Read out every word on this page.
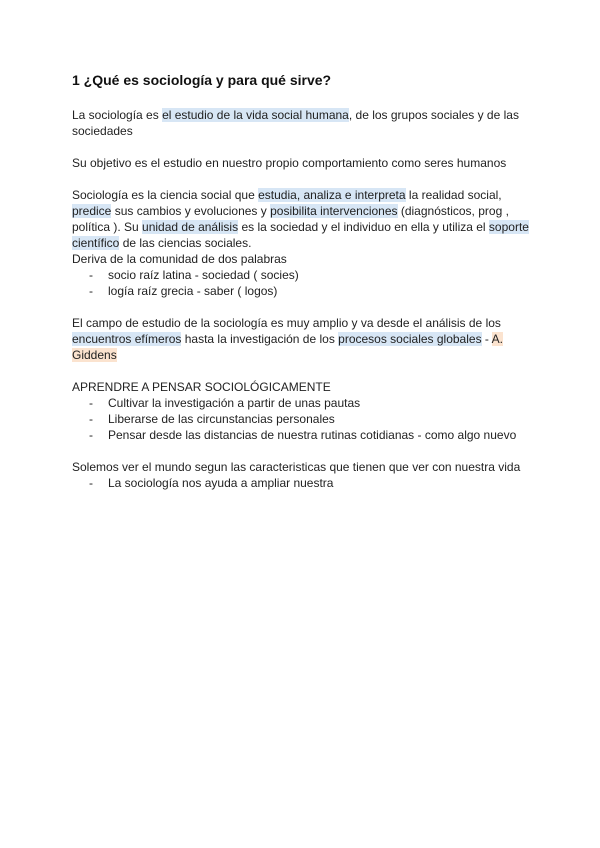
1 ¿Qué es sociología y para qué sirve?

La sociología es el estudio de la vida social humana, de los grupos sociales y de las sociedades

Su objetivo es el estudio en nuestro propio comportamiento como seres humanos

Sociología es la ciencia social que estudia, analiza e interpreta la realidad social, predice sus cambios y evoluciones y posibilita intervenciones (diagnósticos, prog , política ). Su unidad de análisis es la sociedad y el individuo en ella y utiliza el soporte científico de las ciencias sociales.

Deriva de la comunidad de dos palabras

- socio raíz latina - sociedad ( socies)
- logía raíz grecia - saber ( logos)

El campo de estudio de la sociología es muy amplio y va desde el análisis de los encuentros efímeros hasta la investigación de los procesos sociales globales - A. Giddens

APRENDRE A PENSAR SOCIOLÓGICAMENTE

- Cultivar la investigación a partir de unas pautas
- Liberarse de las circunstancias personales
- Pensar desde las distancias de nuestra rutinas cotidianas - como algo nuevo

Solemos ver el mundo segun las caracteristicas que tienen que ver con nuestra vida

- La sociología nos ayuda a ampliar nuestra
